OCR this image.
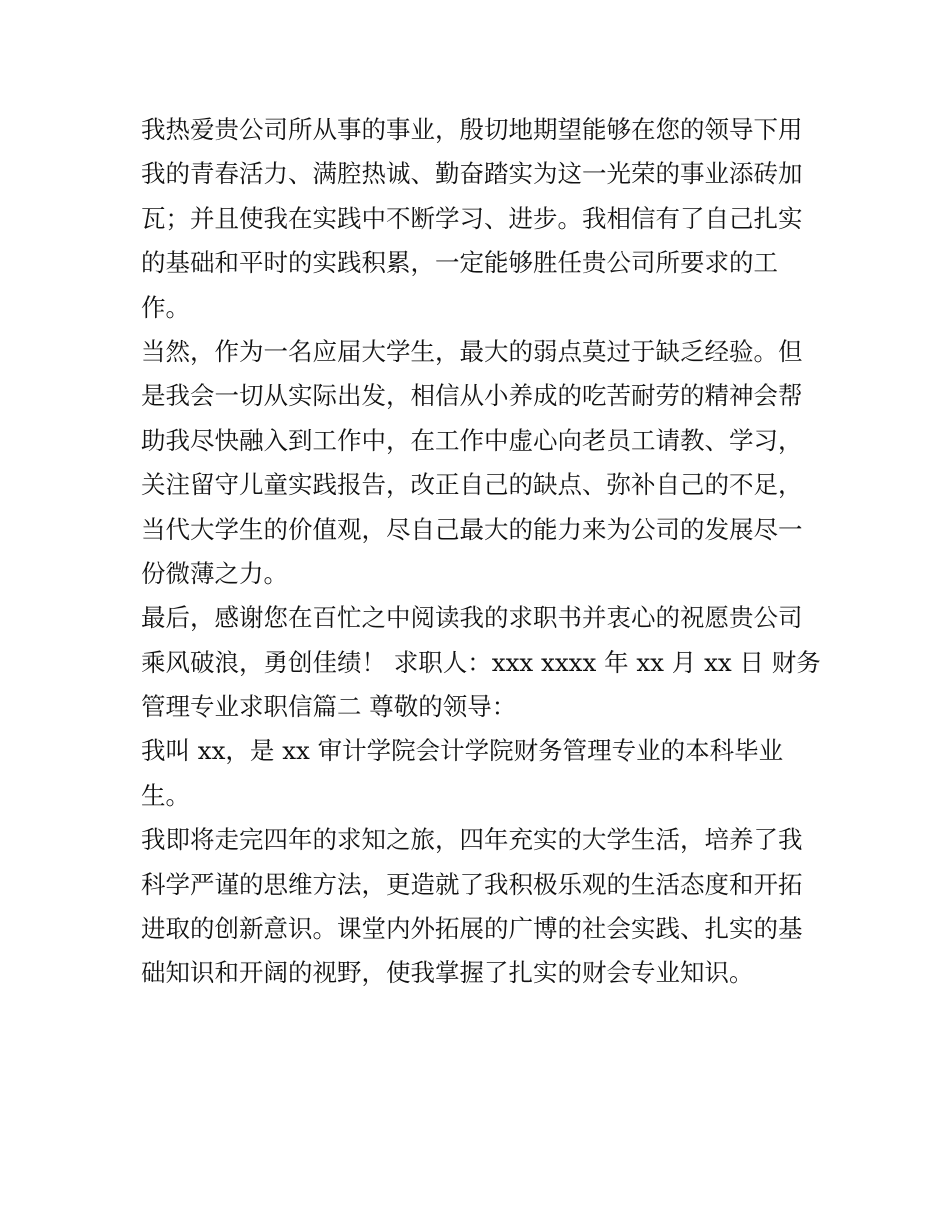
我热爱贵公司所从事的事业，殷切地期望能够在您的领导下用
我的青春活力、满腔热诚、勤奋踏实为这一光荣的事业添砖加
瓦；并且使我在实践中不断学习、进步。我相信有了自己扎实
的基础和平时的实践积累，一定能够胜任贵公司所要求的工
作。
当然，作为一名应届大学生，最大的弱点莫过于缺乏经验。但
是我会一切从实际出发，相信从小养成的吃苦耐劳的精神会帮
助我尽快融入到工作中，在工作中虚心向老员工请教、学习，
关注留守儿童实践报告，改正自己的缺点、弥补自己的不足，
当代大学生的价值观，尽自己最大的能力来为公司的发展尽一
份微薄之力。
最后，感谢您在百忙之中阅读我的求职书并衷心的祝愿贵公司
乘风破浪，勇创佳绩！ 求职人：xxx xxxx 年 xx 月 xx 日 财务
管理专业求职信篇二 尊敬的领导：
我叫 xx，是 xx 审计学院会计学院财务管理专业的本科毕业
生。
我即将走完四年的求知之旅，四年充实的大学生活，培养了我
科学严谨的思维方法，更造就了我积极乐观的生活态度和开拓
进取的创新意识。课堂内外拓展的广博的社会实践、扎实的基
础知识和开阔的视野，使我掌握了扎实的财会专业知识。
